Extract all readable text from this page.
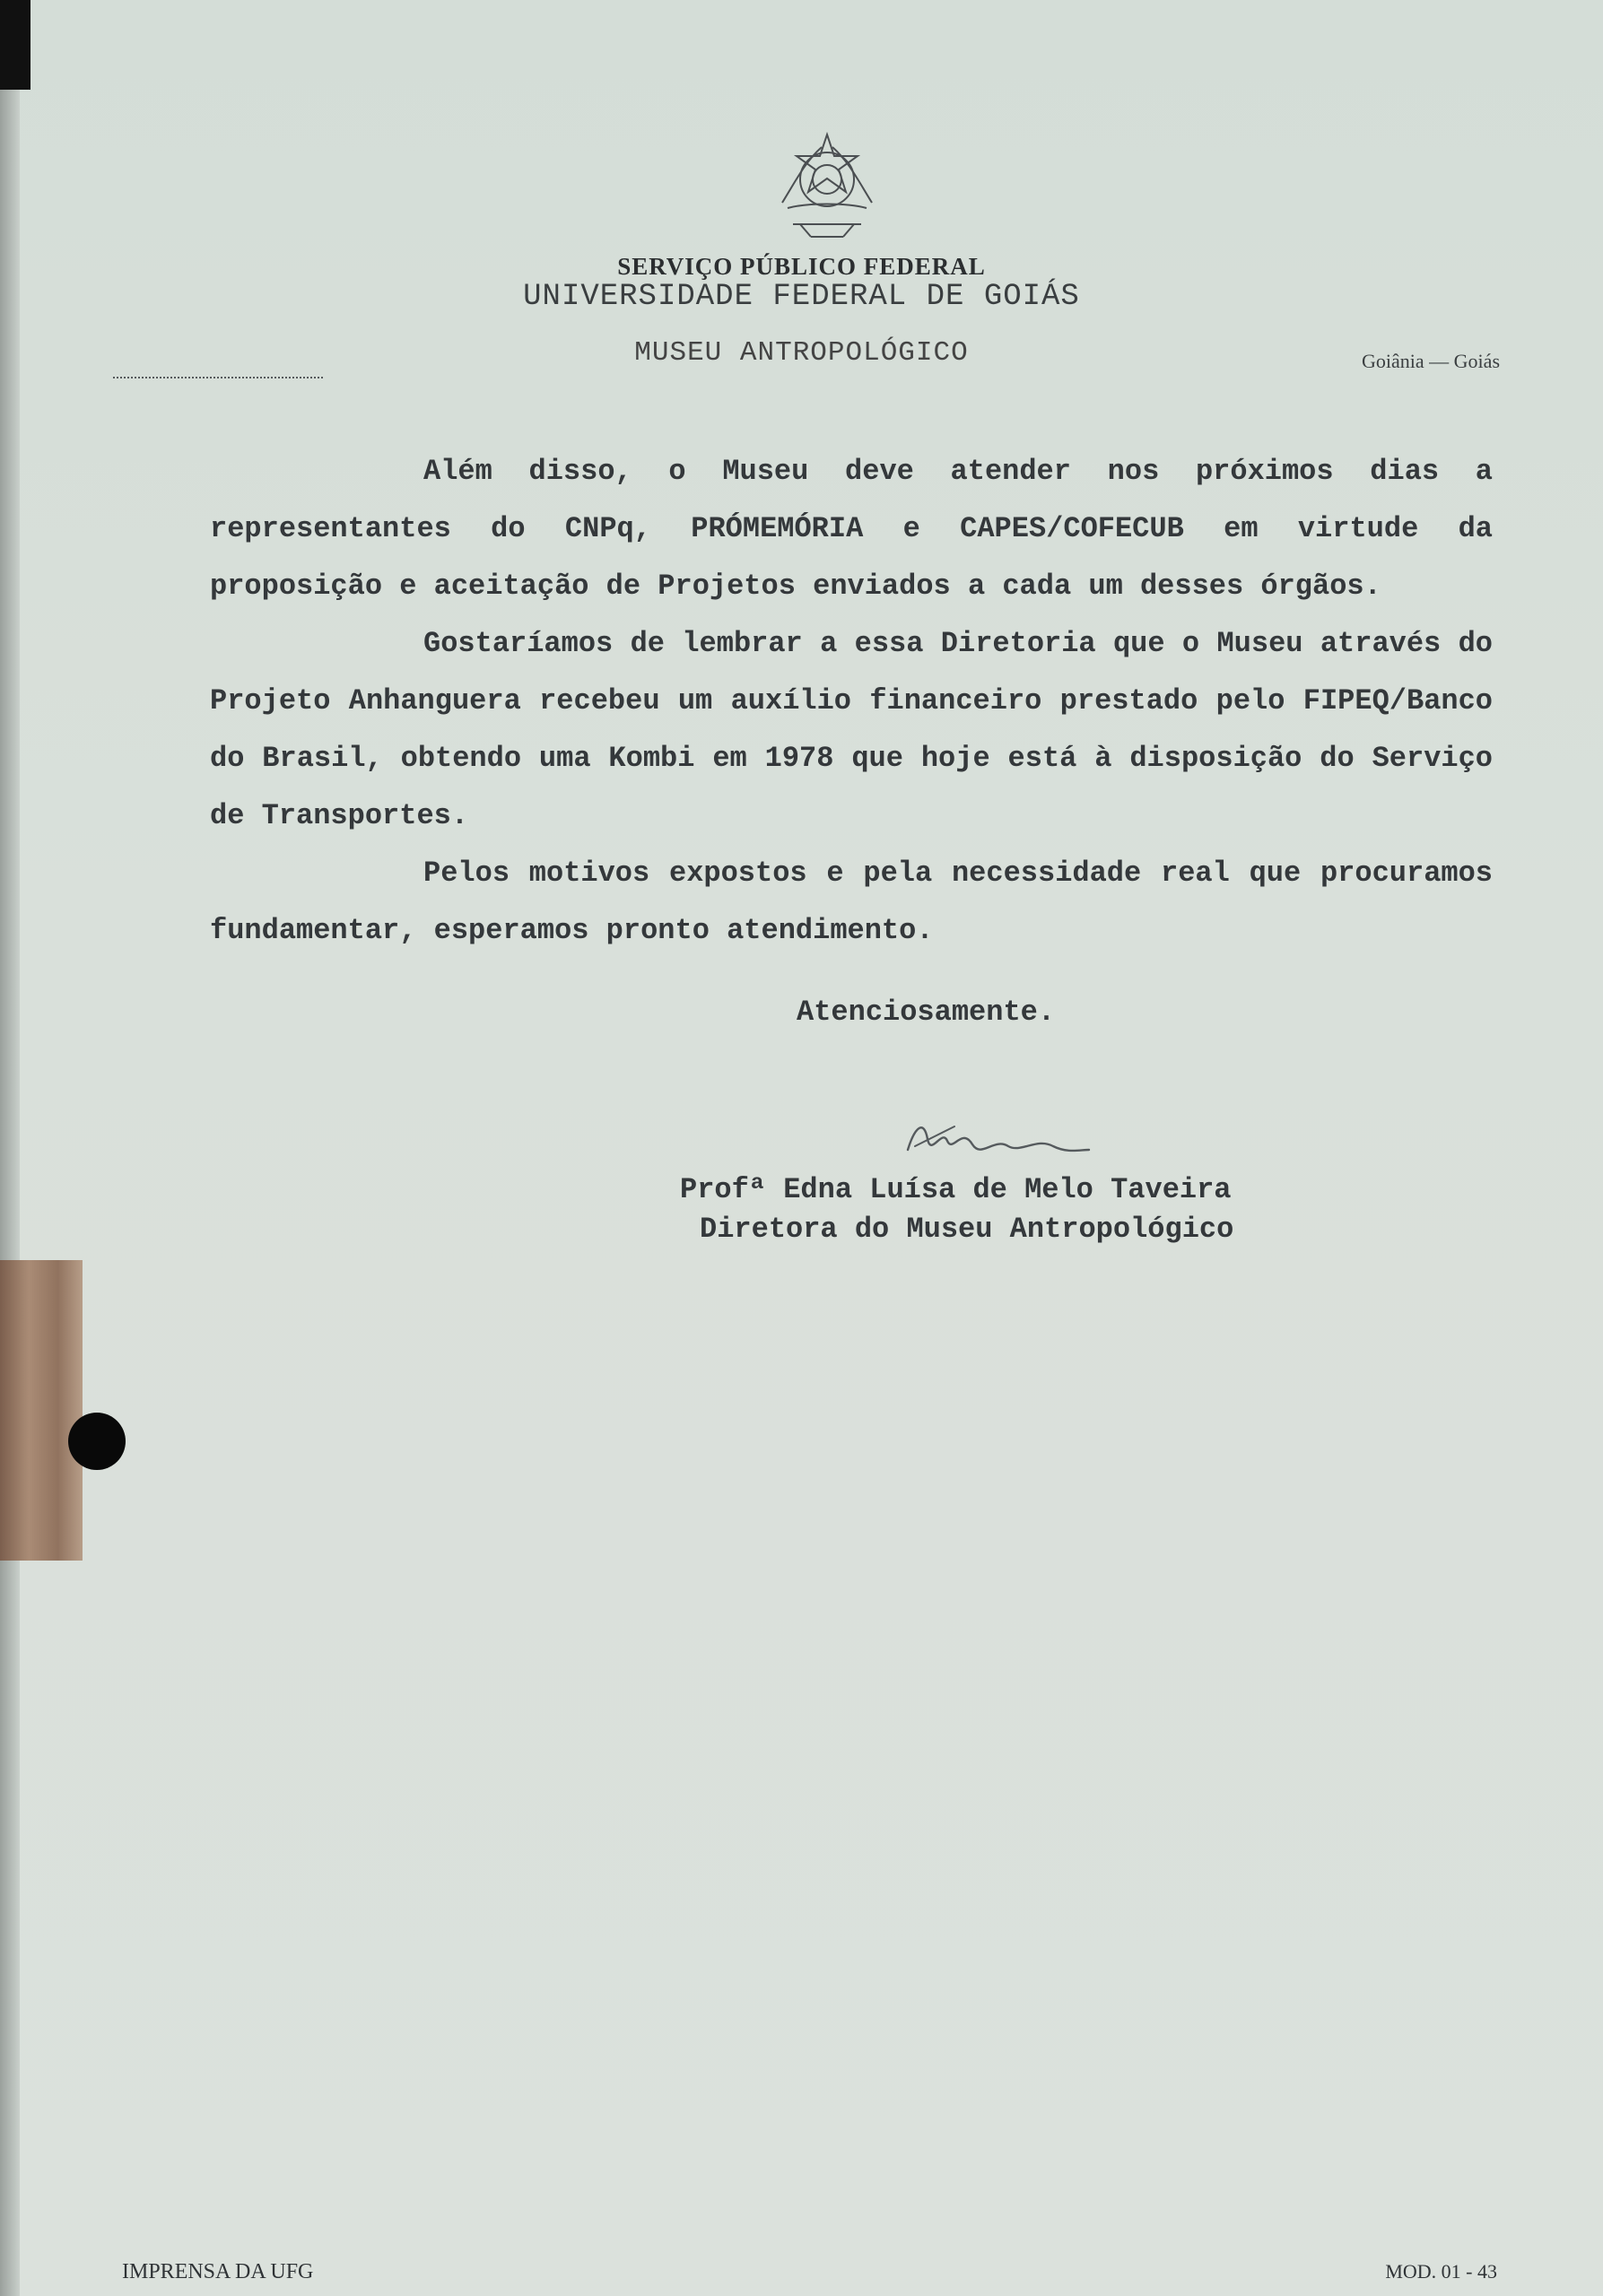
SERVIÇO PÚBLICO FEDERAL
UNIVERSIDADE FEDERAL DE GOIÁS
MUSEU ANTROPOLÓGICO	Goiânia — Goiás

Além disso, o Museu deve atender nos próximos dias a representantes do CNPq, PRÓMEMÓRIA e CAPES/COFECUB em virtude da proposição e aceitação de Projetos enviados a cada um desses órgãos.

Gostaríamos de lembrar a essa Diretoria que o Museu através do Projeto Anhanguera recebeu um auxílio financeiro prestado pelo FIPEQ/Banco do Brasil, obtendo uma Kombi em 1978 que hoje está à disposição do Serviço de Transportes.

Pelos motivos expostos e pela necessidade real que procuramos fundamentar, esperamos pronto atendimento.

Atenciosamente.
Profª Edna Luísa de Melo Taveira
Diretora do Museu Antropológico
IMPRENSA DA UFG	MOD. 01 - 43
